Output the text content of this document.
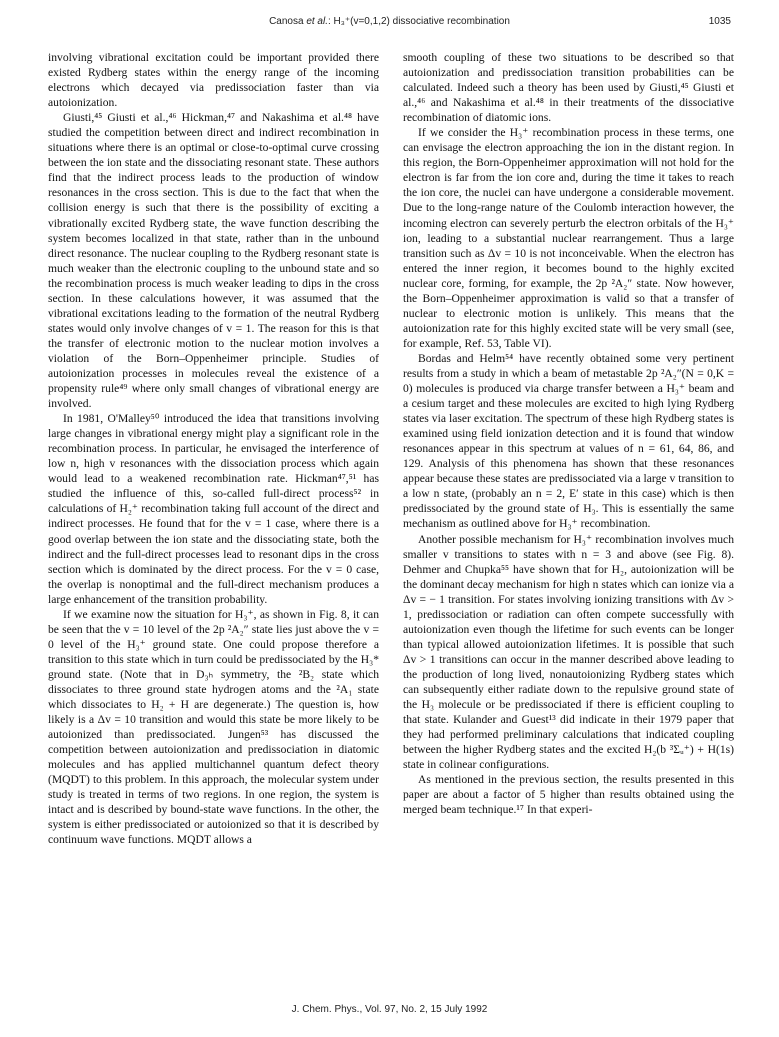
Canosa et al.: H₃⁺(v=0,1,2) dissociative recombination	1035

involving vibrational excitation could be important provided there existed Rydberg states within the energy range of the incoming electrons which decayed via predissociation faster than via autoionization.

Giusti,⁴⁵ Giusti et al.,⁴⁶ Hickman,⁴⁷ and Nakashima et al.⁴⁸ have studied the competition between direct and indirect recombination in situations where there is an optimal or close-to-optimal curve crossing between the ion state and the dissociating resonant state. These authors find that the indirect process leads to the production of window resonances in the cross section. This is due to the fact that when the collision energy is such that there is the possibility of exciting a vibrationally excited Rydberg state, the wave function describing the system becomes localized in that state, rather than in the unbound direct resonance. The nuclear coupling to the Rydberg resonant state is much weaker than the electronic coupling to the unbound state and so the recombination process is much weaker leading to dips in the cross section. In these calculations however, it was assumed that the vibrational excitations leading to the formation of the neutral Rydberg states would only involve changes of v = 1. The reason for this is that the transfer of electronic motion to the nuclear motion involves a violation of the Born–Oppenheimer principle. Studies of autoionization processes in molecules reveal the existence of a propensity rule⁴⁹ where only small changes of vibrational energy are involved.

In 1981, O'Malley⁵⁰ introduced the idea that transitions involving large changes in vibrational energy might play a significant role in the recombination process. In particular, he envisaged the interference of low n, high v resonances with the dissociation process which again would lead to a weakened recombination rate. Hickman⁴⁷,⁵¹ has studied the influence of this, so-called full-direct process⁵² in calculations of H₂⁺ recombination taking full account of the direct and indirect processes. He found that for the v = 1 case, where there is a good overlap between the ion state and the dissociating state, both the indirect and the full-direct processes lead to resonant dips in the cross section which is dominated by the direct process. For the v = 0 case, the overlap is nonoptimal and the full-direct mechanism produces a large enhancement of the transition probability.

If we examine now the situation for H₃⁺, as shown in Fig. 8, it can be seen that the v = 10 level of the 2p ²A₂″ state lies just above the v = 0 level of the H₃⁺ ground state. One could propose therefore a transition to this state which in turn could be predissociated by the H₃* ground state. (Note that in D₃ₕ symmetry, the ²B₂ state which dissociates to three ground state hydrogen atoms and the ²A₁ state which dissociates to H₂ + H are degenerate.) The question is, how likely is a Δv = 10 transition and would this state be more likely to be autoionized than predissociated. Jungen⁵³ has discussed the competition between autoionization and predissociation in diatomic molecules and has applied multichannel quantum defect theory (MQDT) to this problem. In this approach, the molecular system under study is treated in terms of two regions. In one region, the system is intact and is described by bound-state wave functions. In the other, the system is either predissociated or autoionized so that it is described by continuum wave functions. MQDT allows a

smooth coupling of these two situations to be described so that autoionization and predissociation transition probabilities can be calculated. Indeed such a theory has been used by Giusti,⁴⁵ Giusti et al.,⁴⁶ and Nakashima et al.⁴⁸ in their treatments of the dissociative recombination of diatomic ions.

If we consider the H₃⁺ recombination process in these terms, one can envisage the electron approaching the ion in the distant region. In this region, the Born-Oppenheimer approximation will not hold for the electron is far from the ion core and, during the time it takes to reach the ion core, the nuclei can have undergone a considerable movement. Due to the long-range nature of the Coulomb interaction however, the incoming electron can severely perturb the electron orbitals of the H₃⁺ ion, leading to a substantial nuclear rearrangement. Thus a large transition such as Δv = 10 is not inconceivable. When the electron has entered the inner region, it becomes bound to the highly excited nuclear core, forming, for example, the 2p ²A₂″ state. Now however, the Born–Oppenheimer approximation is valid so that a transfer of nuclear to electronic motion is unlikely. This means that the autoionization rate for this highly excited state will be very small (see, for example, Ref. 53, Table VI).

Bordas and Helm⁵⁴ have recently obtained some very pertinent results from a study in which a beam of metastable 2p ²A₂″(N = 0,K = 0) molecules is produced via charge transfer between a H₃⁺ beam and a cesium target and these molecules are excited to high lying Rydberg states via laser excitation. The spectrum of these high Rydberg states is examined using field ionization detection and it is found that window resonances appear in this spectrum at values of n = 61, 64, 86, and 129. Analysis of this phenomena has shown that these resonances appear because these states are predissociated via a large v transition to a low n state, (probably an n = 2, E′ state in this case) which is then predissociated by the ground state of H₃. This is essentially the same mechanism as outlined above for H₃⁺ recombination.

Another possible mechanism for H₃⁺ recombination involves much smaller v transitions to states with n = 3 and above (see Fig. 8). Dehmer and Chupka⁵⁵ have shown that for H₂, autoionization will be the dominant decay mechanism for high n states which can ionize via a Δv = − 1 transition. For states involving ionizing transitions with Δv > 1, predissociation or radiation can often compete successfully with autoionization even though the lifetime for such events can be longer than typical allowed autoionization lifetimes. It is possible that such Δv > 1 transitions can occur in the manner described above leading to the production of long lived, nonautoionizing Rydberg states which can subsequently either radiate down to the repulsive ground state of the H₃ molecule or be predissociated if there is efficient coupling to that state. Kulander and Guest¹³ did indicate in their 1979 paper that they had performed preliminary calculations that indicated coupling between the higher Rydberg states and the excited H₂(b ³Σᵤ⁺) + H(1s) state in colinear configurations.

As mentioned in the previous section, the results presented in this paper are about a factor of 5 higher than results obtained using the merged beam technique.¹⁷ In that experi-

J. Chem. Phys., Vol. 97, No. 2, 15 July 1992
